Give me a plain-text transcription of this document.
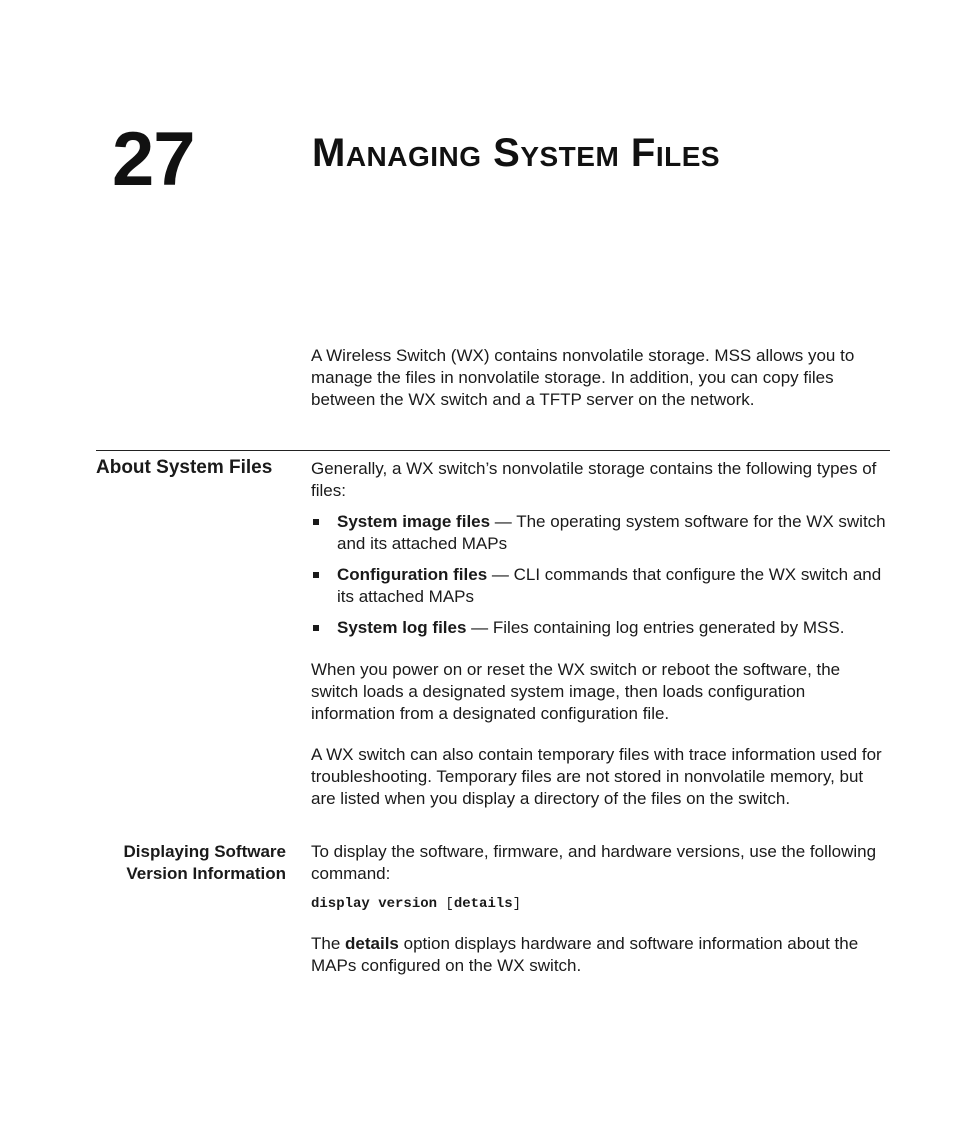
27	Managing System Files

A Wireless Switch (WX) contains nonvolatile storage. MSS allows you to manage the files in nonvolatile storage. In addition, you can copy files between the WX switch and a TFTP server on the network.

About System Files Generally, a WX switch’s nonvolatile storage contains the following types of files:

System image files — The operating system software for the WX switch and its attached MAPs
Configuration files — CLI commands that configure the WX switch and its attached MAPs
System log files — Files containing log entries generated by MSS.

When you power on or reset the WX switch or reboot the software, the switch loads a designated system image, then loads configuration information from a designated configuration file.

A WX switch can also contain temporary files with trace information used for troubleshooting. Temporary files are not stored in nonvolatile memory, but are listed when you display a directory of the files on the switch.

Displaying Software
Version Information

To display the software, firmware, and hardware versions, use the following command:

display version [details]

The details option displays hardware and software information about the MAPs configured on the WX switch.
